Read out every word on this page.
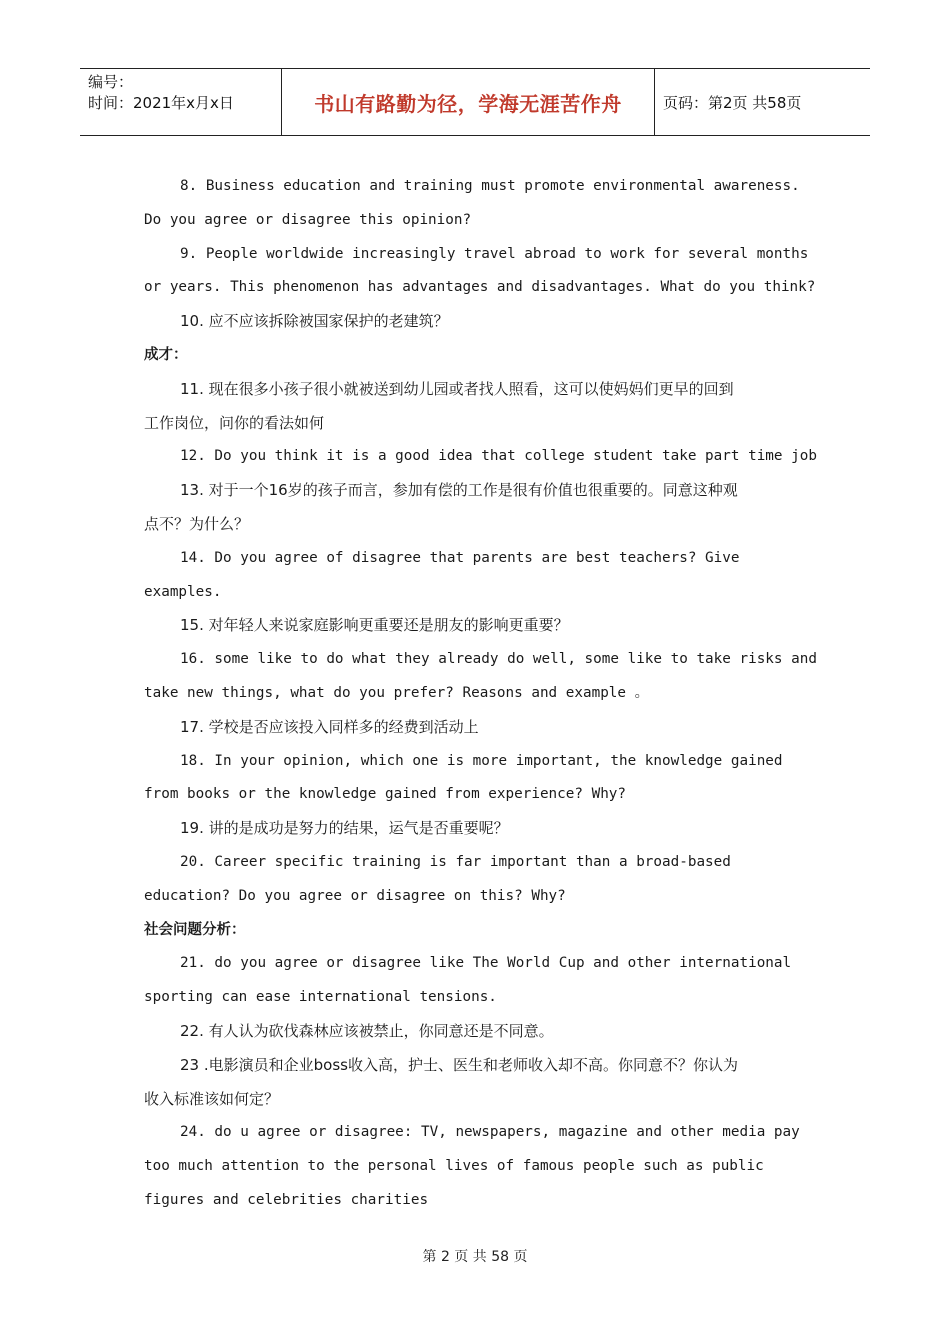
编号：
时间：2021年x月x日	书山有路勤为径，学海无涯苦作舟	页码：第2页 共58页
8. Business education and training must promote environmental awareness.
Do you agree or disagree this opinion?
9. People worldwide increasingly travel abroad to work for several months
or years. This phenomenon has advantages and disadvantages. What do you think?
10. 应不应该拆除被国家保护的老建筑？
成才：
11. 现在很多小孩子很小就被送到幼儿园或者找人照看，这可以使妈妈们更早的回到
工作岗位，问你的看法如何
12. Do you think it is a good idea that college student take part time job
13. 对于一个16岁的孩子而言，参加有偿的工作是很有价值也很重要的。同意这种观
点不？为什么？
14. Do you agree of disagree that parents are best teachers? Give
examples.
15. 对年轻人来说家庭影响更重要还是朋友的影响更重要？
16. some like to do what they already do well, some like to take risks and
take new things, what do you prefer? Reasons and example 。
17. 学校是否应该投入同样多的经费到活动上
18. In your opinion, which one is more important, the knowledge gained
from books or the knowledge gained from experience? Why?
19. 讲的是成功是努力的结果，运气是否重要呢？
20. Career specific training is far important than a broad-based
education? Do you agree or disagree on this? Why?
社会问题分析：
21. do you agree or disagree like The World Cup and other international
sporting can ease international tensions.
22. 有人认为砍伐森林应该被禁止，你同意还是不同意。
23 .电影演员和企业boss收入高，护士、医生和老师收入却不高。你同意不？你认为
收入标准该如何定？
24. do u agree or disagree: TV, newspapers, magazine and other media pay
too much attention to the personal lives of famous people such as public
figures and celebrities charities
第 2 页 共 58 页
